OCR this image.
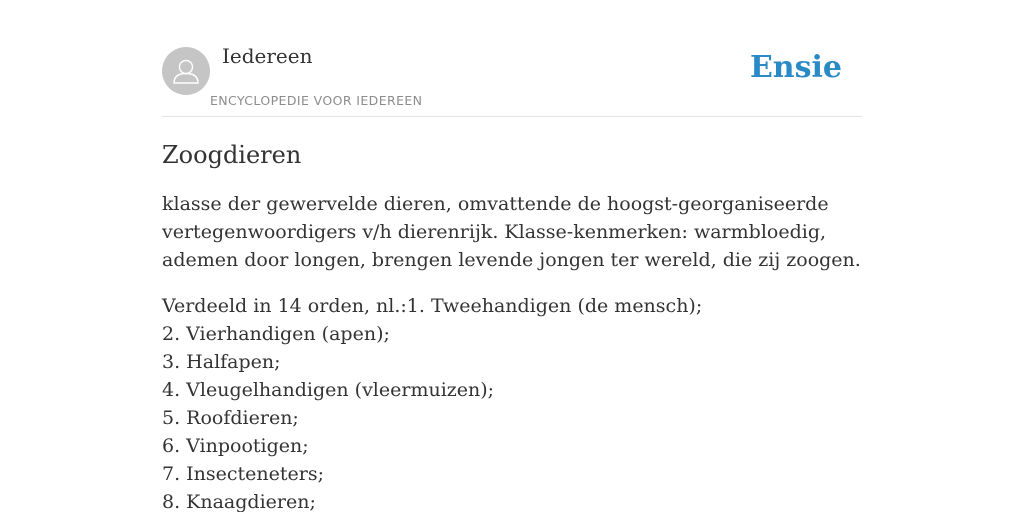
Iedereen
ENCYCLOPEDIE VOOR IEDEREEN
Ensie
Zoogdieren

klasse der gewervelde dieren, omvattende de hoogst-georganiseerde vertegenwoordigers v/h dierenrijk. Klasse-kenmerken: warmbloedig, ademen door longen, brengen levende jongen ter wereld, die zij zoogen.

Verdeeld in 14 orden, nl.:1. Tweehandigen (de mensch);
2. Vierhandigen (apen);
3. Halfapen;
4. Vleugelhandigen (vleermuizen);
5. Roofdieren;
6. Vinpootigen;
7. Insecteneters;
8. Knaagdieren;
